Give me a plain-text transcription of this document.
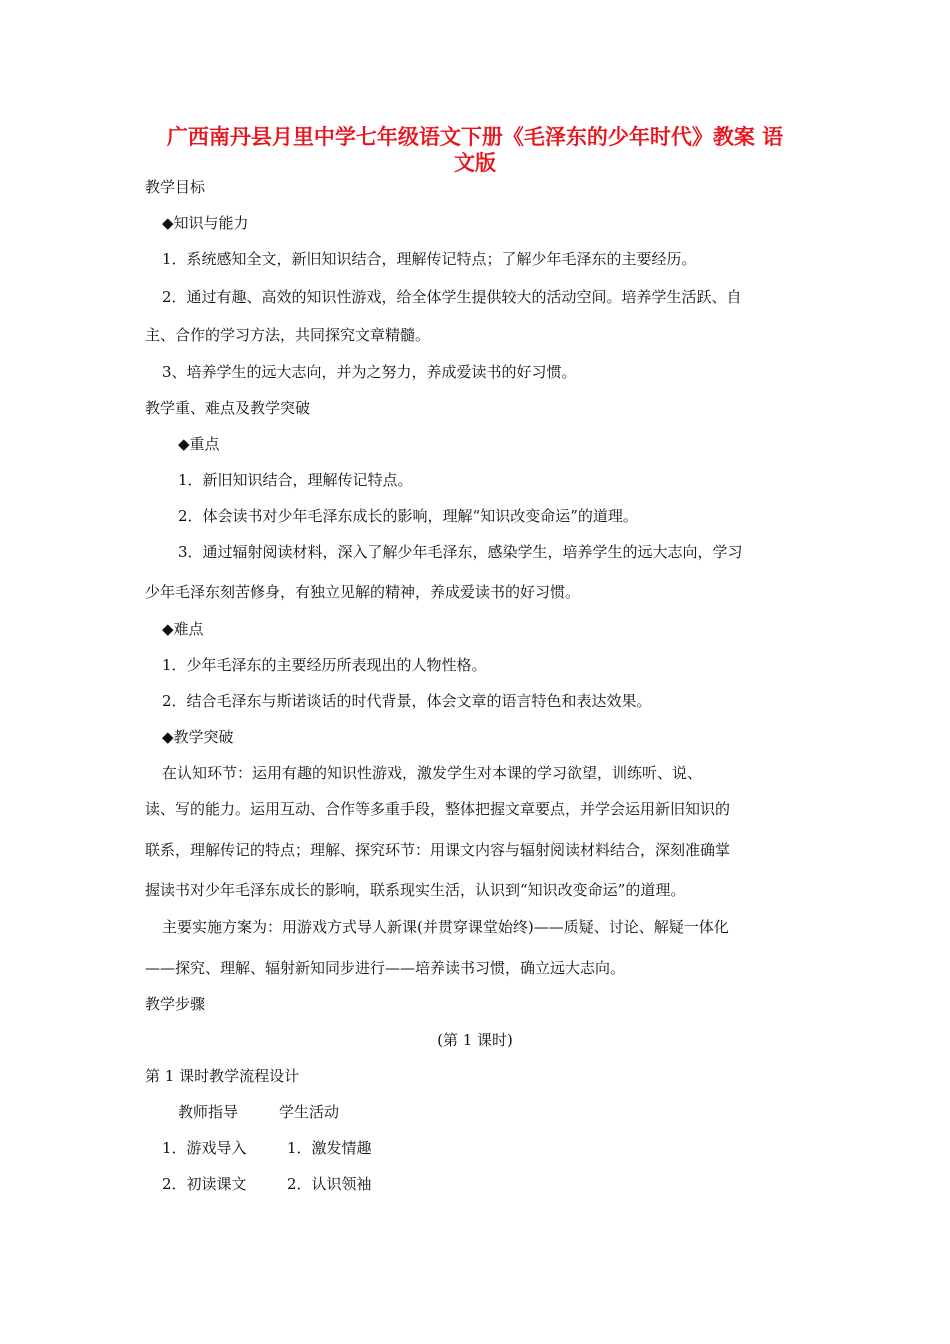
广西南丹县月里中学七年级语文下册《毛泽东的少年时代》教案 语
文版
教学目标
◆知识与能力
1．系统感知全文，新旧知识结合，理解传记特点；了解少年毛泽东的主要经历。
2．通过有趣、高效的知识性游戏，给全体学生提供较大的活动空间。培养学生活跃、自
主、合作的学习方法，共同探究文章精髓。
3、培养学生的远大志向，并为之努力，养成爱读书的好习惯。
教学重、难点及教学突破
◆重点
1．新旧知识结合，理解传记特点。
2．体会读书对少年毛泽东成长的影响，理解“知识改变命运”的道理。
3．通过辐射阅读材料，深入了解少年毛泽东，感染学生，培养学生的远大志向，学习
少年毛泽东刻苦修身，有独立见解的精神，养成爱读书的好习惯。
◆难点
1．少年毛泽东的主要经历所表现出的人物性格。
2．结合毛泽东与斯诺谈话的时代背景，体会文章的语言特色和表达效果。
◆教学突破
在认知环节：运用有趣的知识性游戏，激发学生对本课的学习欲望，训练听、说、
读、写的能力。运用互动、合作等多重手段，整体把握文章要点，并学会运用新旧知识的
联系，理解传记的特点；理解、探究环节：用课文内容与辐射阅读材料结合，深刻准确掌
握读书对少年毛泽东成长的影响，联系现实生活，认识到“知识改变命运”的道理。
主要实施方案为：用游戏方式导人新课(并贯穿课堂始终)——质疑、讨论、解疑一体化
——探究、理解、辐射新知同步进行——培养读书习惯，确立远大志向。
教学步骤
(第 1 课时)
第 1 课时教学流程设计
教师指导	学生活动
1．游戏导入	1．激发情趣
2．初读课文	2．认识领袖
